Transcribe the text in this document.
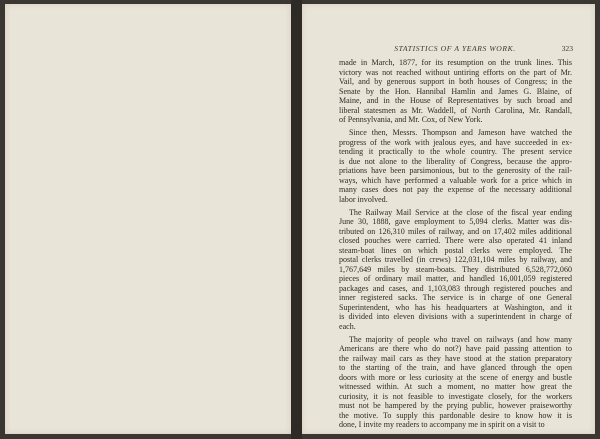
STATISTICS OF A YEARS WORK.	323
made in March, 1877, for its resumption on the trunk lines. This
victory was not reached without untiring efforts on the part of Mr.
Vail, and by generous support in both houses of Congress; in the
Senate by the Hon. Hannibal Hamlin and James G. Blaine, of
Maine, and in the House of Representatives by such broad and
liberal statesmen as Mr. Waddell, of North Carolina, Mr. Randall,
of Pennsylvania, and Mr. Cox, of New York.
Since then, Messrs. Thompson and Jameson have watched the
progress of the work with jealous eyes, and have succeeded in ex-
tending it practically to the whole country. The present service
is due not alone to the liberality of Congress, because the appro-
priations have been parsimonious, but to the generosity of the rail-
ways, which have performed a valuable work for a price which in
many cases does not pay the expense of the necessary additional
labor involved.
The Railway Mail Service at the close of the fiscal year ending
June 30, 1888, gave employment to 5,094 clerks. Matter was dis-
tributed on 126,310 miles of railway, and on 17,402 miles additional
closed pouches were carried. There were also operated 41 inland
steam-boat lines on which postal clerks were employed. The
postal clerks travelled (in crews) 122,031,104 miles by railway, and
1,767,649 miles by steam-boats. They distributed 6,528,772,060
pieces of ordinary mail matter, and handled 16,001,059 registered
packages and cases, and 1,103,083 through registered pouches and
inner registered sacks. The service is in charge of one General
Superintendent, who has his headquarters at Washington, and it
is divided into eleven divisions with a superintendent in charge of
each.
The majority of people who travel on railways (and how many
Americans are there who do not?) have paid passing attention to
the railway mail cars as they have stood at the station preparatory
to the starting of the train, and have glanced through the open
doors with more or less curiosity at the scene of energy and bustle
witnessed within. At such a moment, no matter how great the
curiosity, it is not feasible to investigate closely, for the workers
must not be hampered by the prying public, however praiseworthy
the motive. To supply this pardonable desire to know how it is
done, I invite my readers to accompany me in spirit on a visit to
